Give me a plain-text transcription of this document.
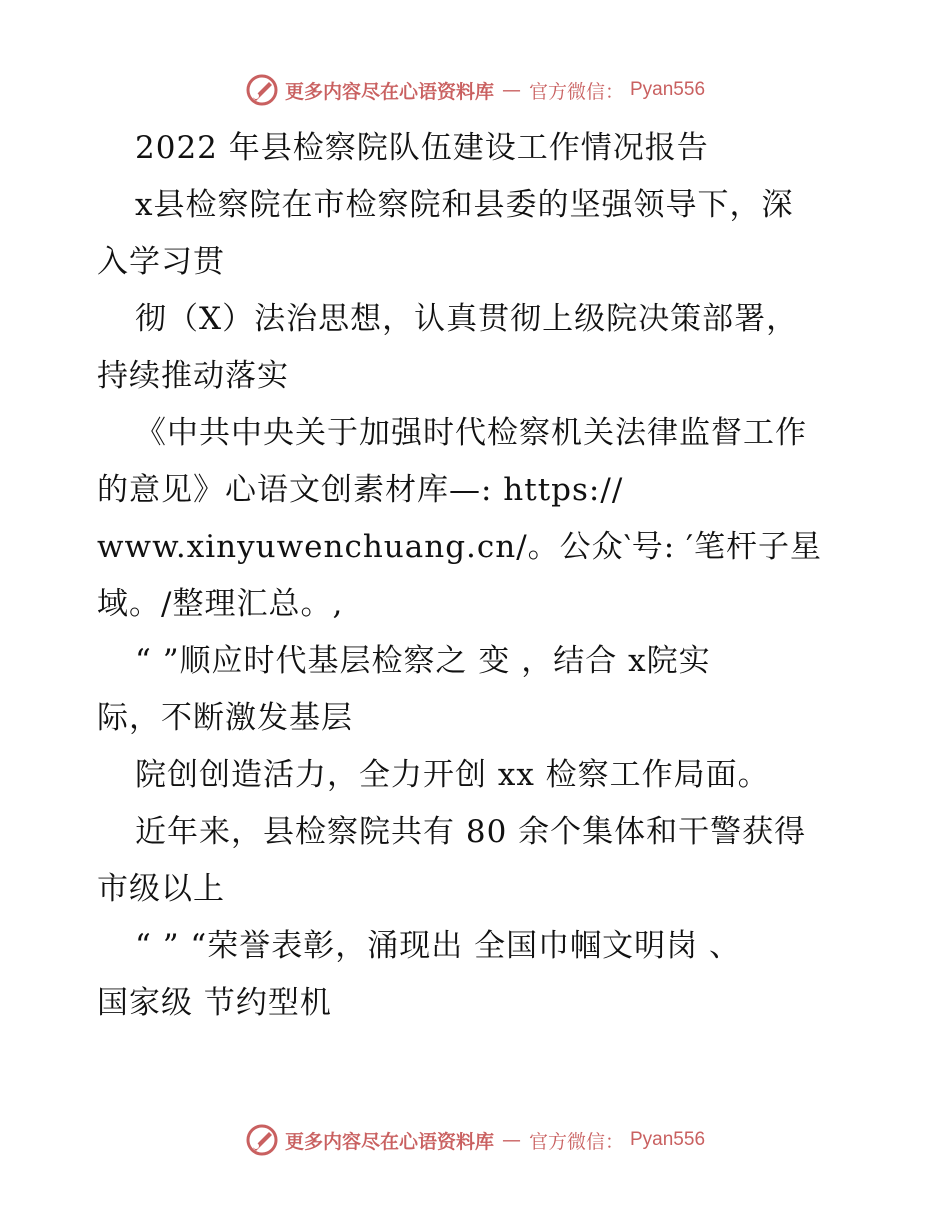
更多内容尽在心语资料库 — 官方微信： Pyan556
2022 年县检察院队伍建设工作情况报告
x县检察院在市检察院和县委的坚强领导下，深
入学习贯
彻（X）法治思想，认真贯彻上级院决策部署，
持续推动落实
《中共中央关于加强时代检察机关法律监督工作
的意见》心语文创素材库—: https://
www.xinyuwenchuang.cn/。公众‵号: ′笔杆子星
域。/整理汇总。,
“ ”顺应时代基层检察之 变 ，结合 x院实
际，不断激发基层
院创创造活力，全力开创 xx 检察工作局面。
近年来，县检察院共有 80 余个集体和干警获得
市级以上
“ ” “荣誉表彰，涌现出 全国巾帼文明岗 、
国家级 节约型机
更多内容尽在心语资料库 — 官方微信： Pyan556
